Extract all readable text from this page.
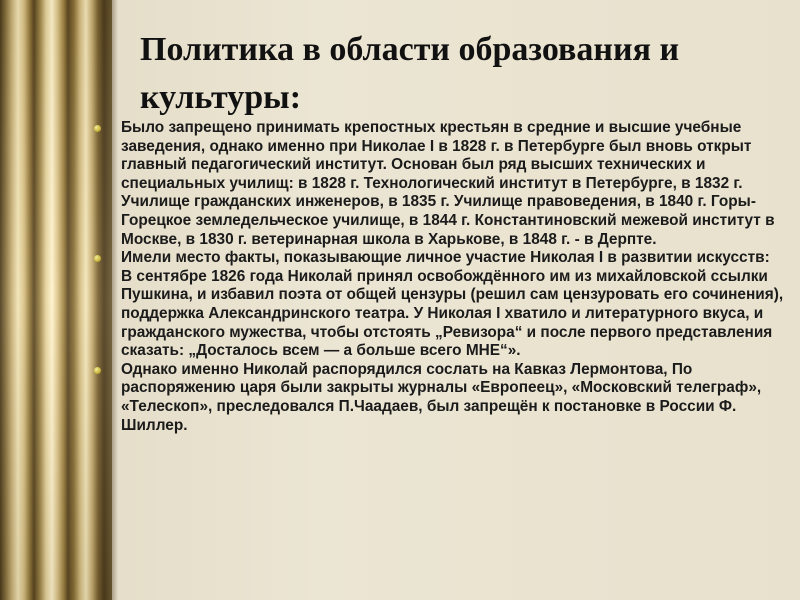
Политика в области образования и культуры:
Было запрещено принимать крепостных крестьян в средние и высшие учебные заведения, однако именно при Николае I в 1828 г. в Петербурге был вновь открыт главный педагогический институт. Основан был ряд высших технических и специальных училищ: в 1828 г. Технологический институт в Петербурге, в 1832 г. Училище гражданских инженеров, в 1835 г. Училище правоведения, в 1840 г. Горы-Горецкое земледельческое училище, в 1844 г. Константиновский межевой институт в Москве, в 1830 г. ветеринарная школа в Харькове, в 1848 г. - в Дерпте.
Имели место факты, показывающие личное участие Николая I в развитии искусств: В сентябре 1826 года Николай принял освобождённого им из михайловской ссылки Пушкина, и избавил поэта от общей цензуры (решил сам цензуровать его сочинения), поддержка Александринского театра. У Николая I хватило и литературного вкуса, и гражданского мужества, чтобы отстоять „Ревизора“ и после первого представления сказать: „Досталось всем — а больше всего МНЕ“».
Однако именно Николай распорядился сослать на Кавказ Лермонтова, По распоряжению царя были закрыты журналы «Европеец», «Московский телеграф», «Телескоп», преследовался П.Чаадаев, был запрещён к постановке в России Ф. Шиллер.
